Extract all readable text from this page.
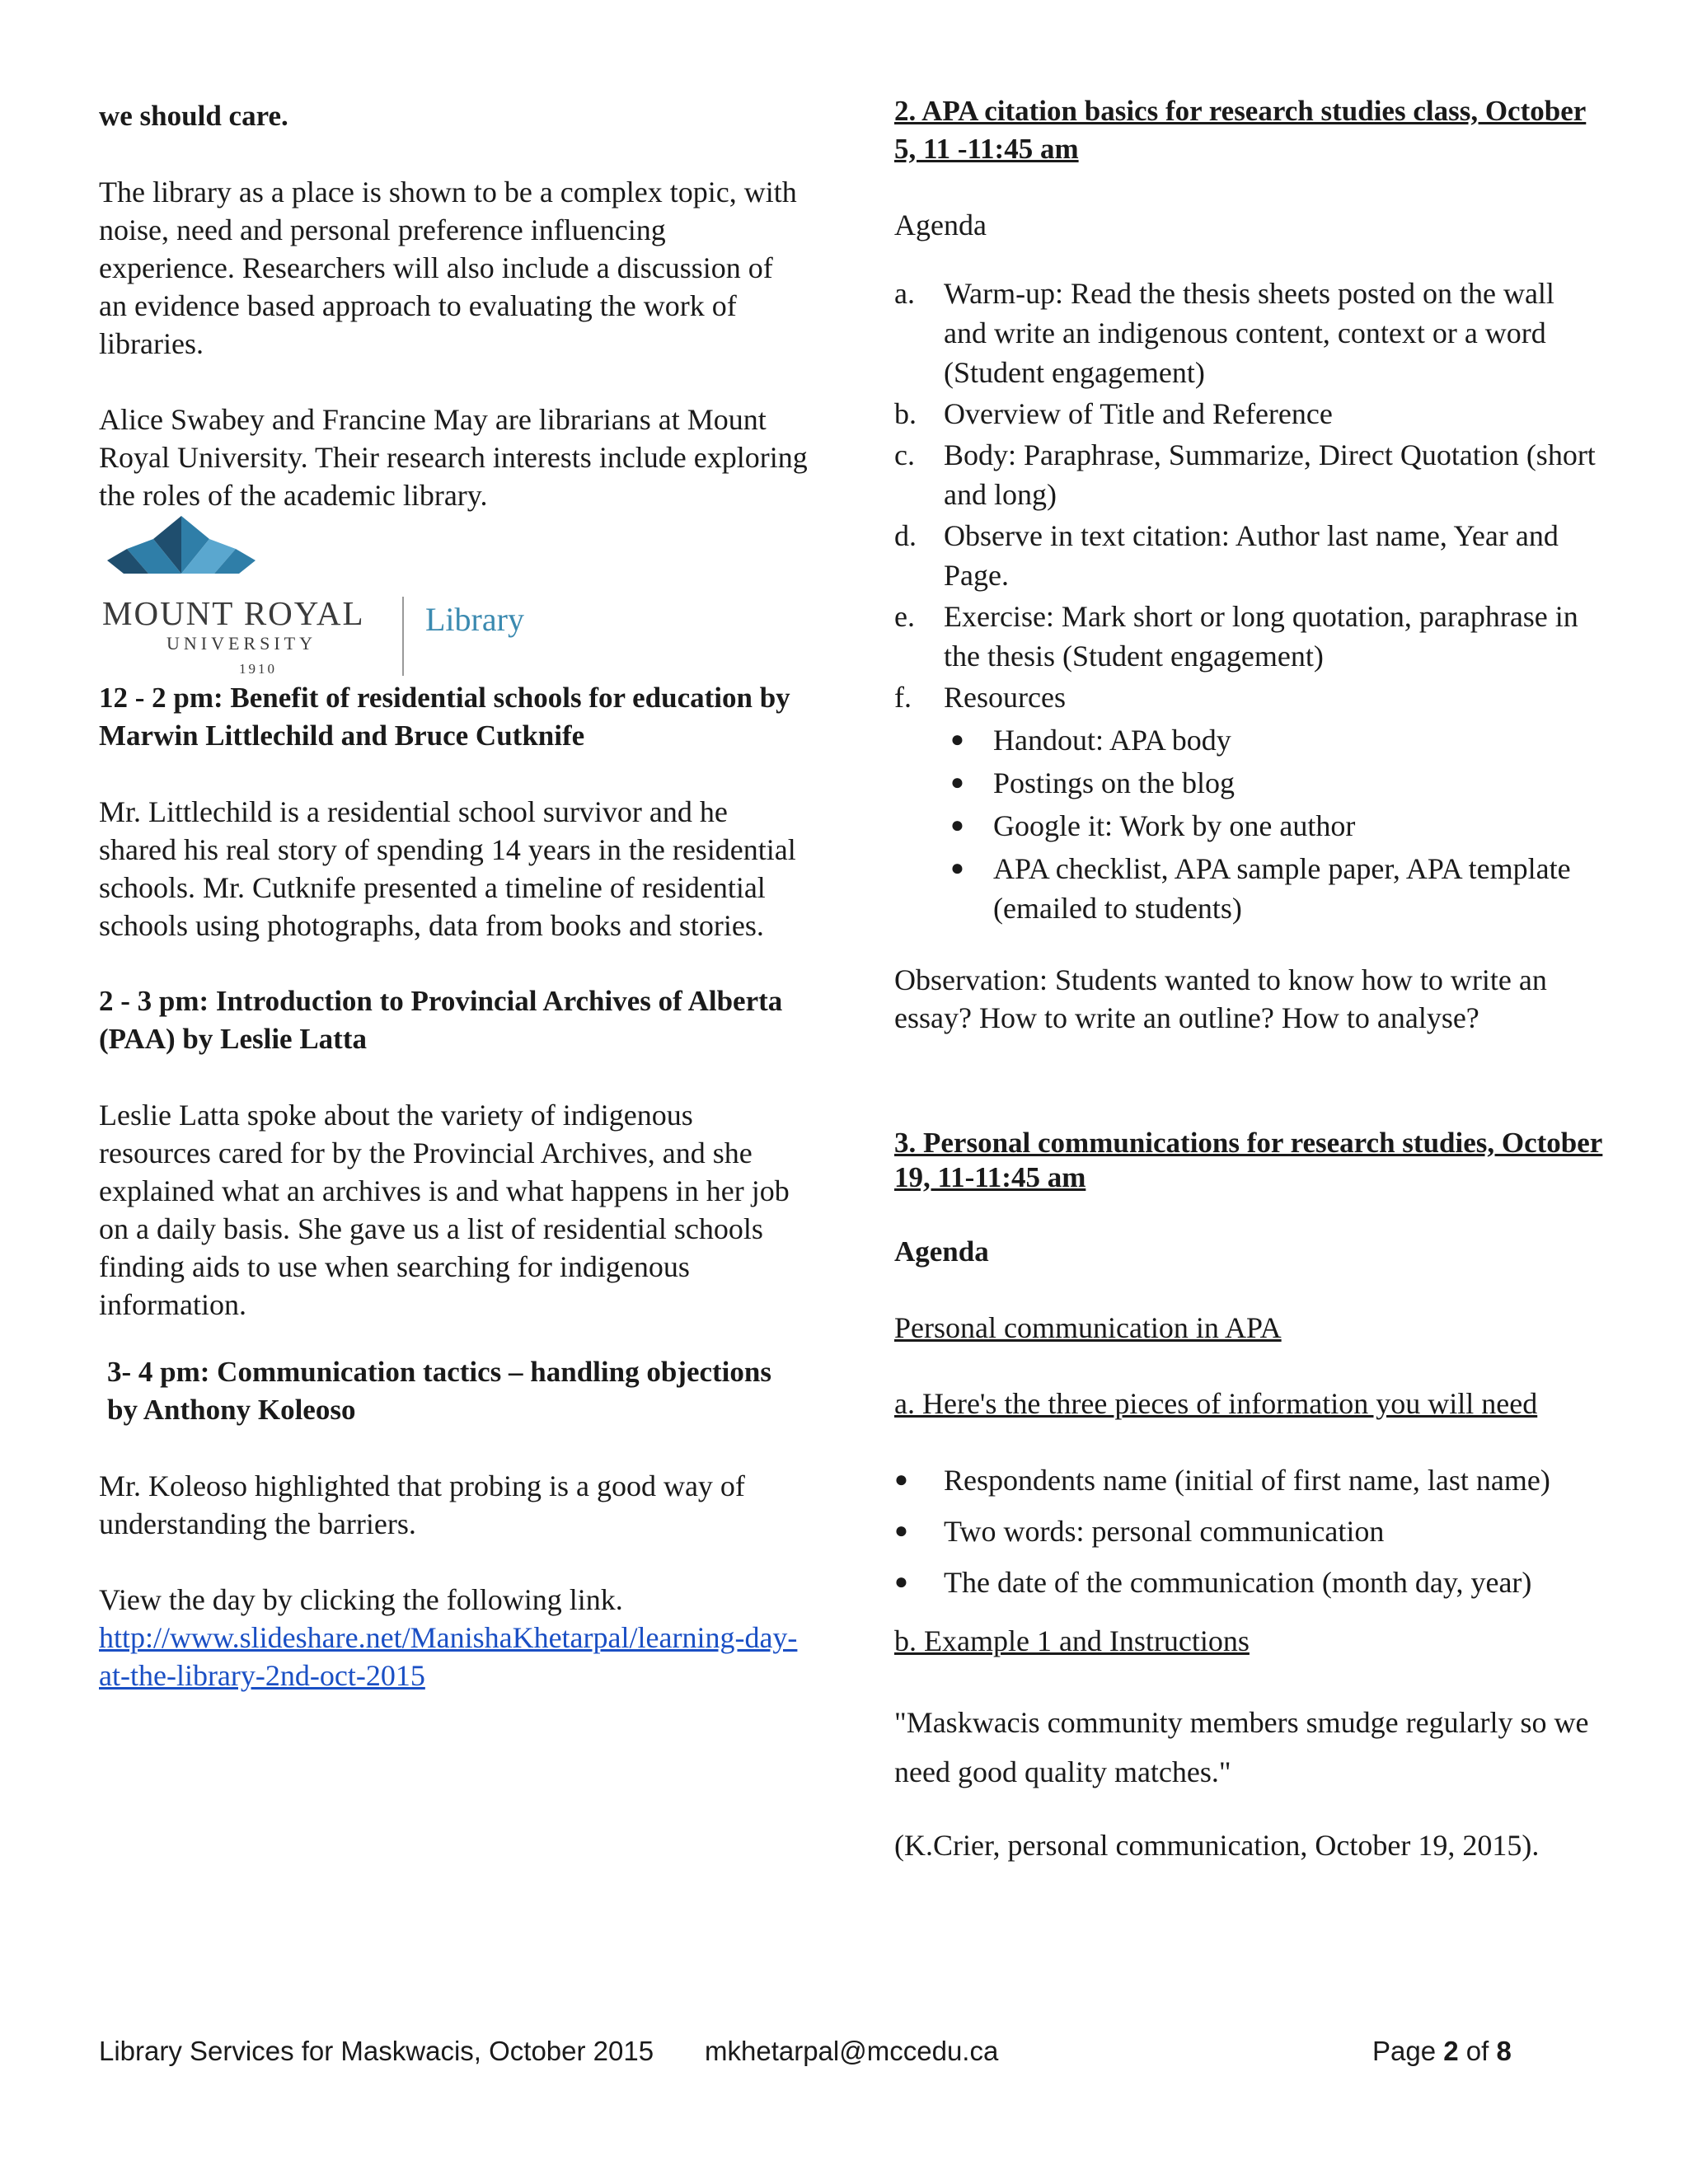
we should care.

The library as a place is shown to be a complex topic, with noise, need and personal preference influencing experience. Researchers will also include a discussion of an evidence based approach to evaluating the work of libraries.

Alice Swabey and Francine May are librarians at Mount Royal University. Their research interests include exploring the roles of the academic library.

MOUNT ROYAL
UNIVERSITY
1910
Library

12 - 2 pm: Benefit of residential schools for education by Marwin Littlechild and Bruce Cutknife

Mr. Littlechild is a residential school survivor and he shared his real story of spending 14 years in the residential schools. Mr. Cutknife presented a timeline of residential schools using photographs, data from books and stories.

2 - 3 pm: Introduction to Provincial Archives of Alberta (PAA) by Leslie Latta

Leslie Latta spoke about the variety of indigenous resources cared for by the Provincial Archives, and she explained what an archives is and what happens in her job on a daily basis. She gave us a list of residential schools finding aids to use when searching for indigenous information.

3- 4 pm: Communication tactics – handling objections by Anthony Koleoso

Mr. Koleoso highlighted that probing is a good way of understanding the barriers.

View the day by clicking the following link.

http://www.slideshare.net/ManishaKhetarpal/learning-day-at-the-library-2nd-oct-2015

2. APA citation basics for research studies class, October 5, 11 -11:45 am

Agenda

a. Warm-up: Read the thesis sheets posted on the wall and write an indigenous content, context or a word (Student engagement)
b. Overview of Title and Reference
c. Body: Paraphrase, Summarize, Direct Quotation (short and long)
d. Observe in text citation: Author last name, Year and Page.
e. Exercise: Mark short or long quotation, paraphrase in the thesis (Student engagement)
f. Resources
● Handout: APA body
● Postings on the blog
● Google it: Work by one author
● APA checklist, APA sample paper, APA template (emailed to students)

Observation: Students wanted to know how to write an essay? How to write an outline? How to analyse?

3. Personal communications for research studies, October 19, 11-11:45 am

Agenda

Personal communication in APA

a. Here's the three pieces of information you will need

● Respondents name (initial of first name, last name)
● Two words: personal communication
● The date of the communication (month day, year)

b. Example 1 and Instructions

"Maskwacis community members smudge regularly so we need good quality matches."

(K.Crier, personal communication, October 19, 2015).

Library Services for Maskwacis, October 2015 mkhetarpal@mccedu.ca	Page 2 of 8
